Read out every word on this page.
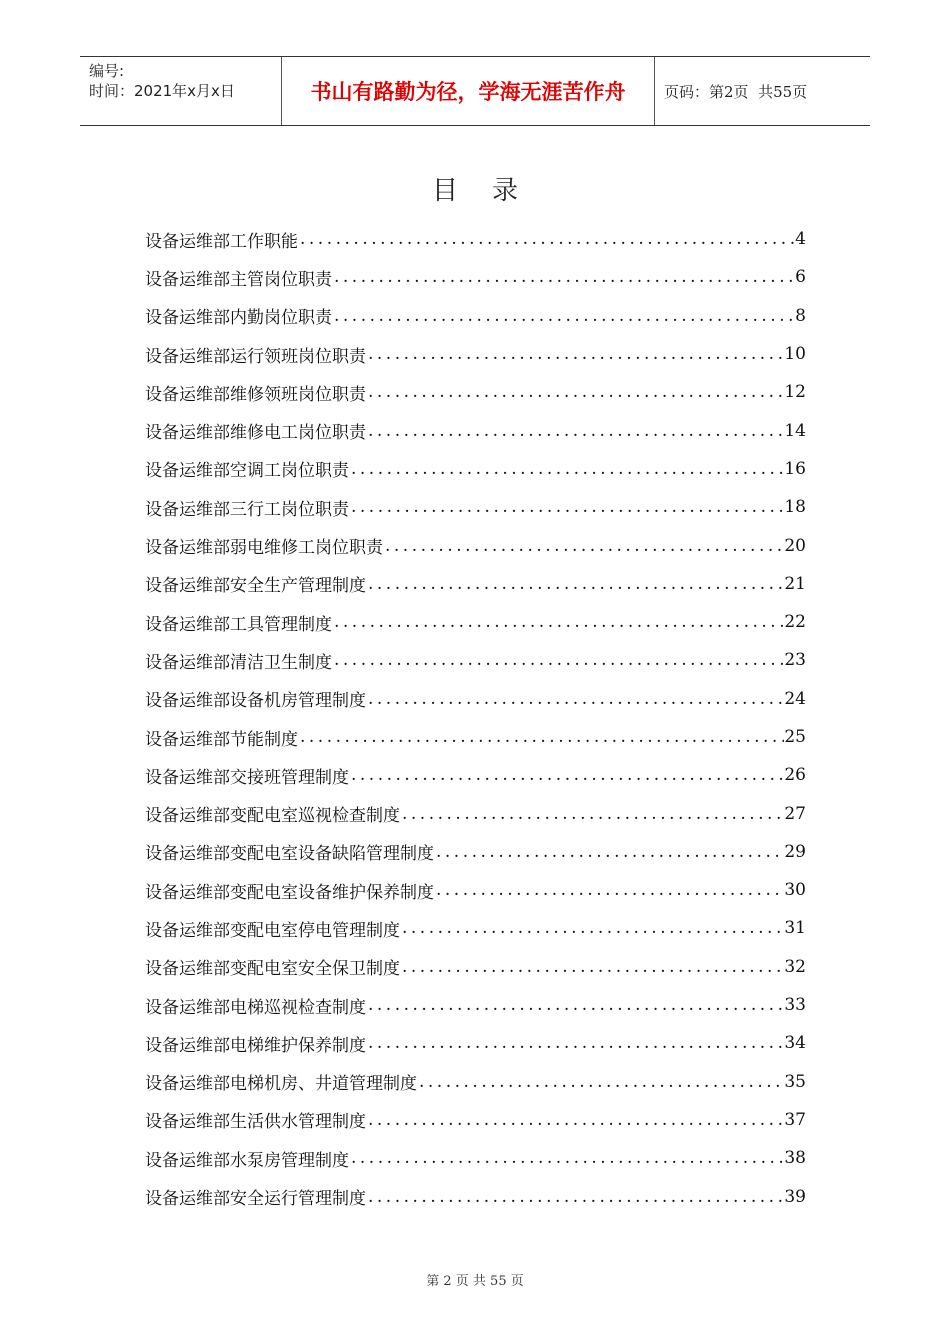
编号:
时间：2021年x月x日	书山有路勤为径，学海无涯苦作舟	页码：第2页  共55页
目录
设备运维部工作职能 .....	4
设备运维部主管岗位职责 .....	6
设备运维部内勤岗位职责 .....	8
设备运维部运行领班岗位职责 .....	10
设备运维部维修领班岗位职责 .....	12
设备运维部维修电工岗位职责 .....	14
设备运维部空调工岗位职责 .....	16
设备运维部三行工岗位职责 .....	18
设备运维部弱电维修工岗位职责 .....	20
设备运维部安全生产管理制度 .....	21
设备运维部工具管理制度 .....	22
设备运维部清洁卫生制度 .....	23
设备运维部设备机房管理制度 .....	24
设备运维部节能制度 .....	25
设备运维部交接班管理制度 .....	26
设备运维部变配电室巡视检查制度 .....	27
设备运维部变配电室设备缺陷管理制度 .....	29
设备运维部变配电室设备维护保养制度 .....	30
设备运维部变配电室停电管理制度 .....	31
设备运维部变配电室安全保卫制度 .....	32
设备运维部电梯巡视检查制度 .....	33
设备运维部电梯维护保养制度 .....	34
设备运维部电梯机房、井道管理制度 .....	35
设备运维部生活供水管理制度 .....	37
设备运维部水泵房管理制度 .....	38
设备运维部安全运行管理制度 .....	39
第 2 页 共 55 页
